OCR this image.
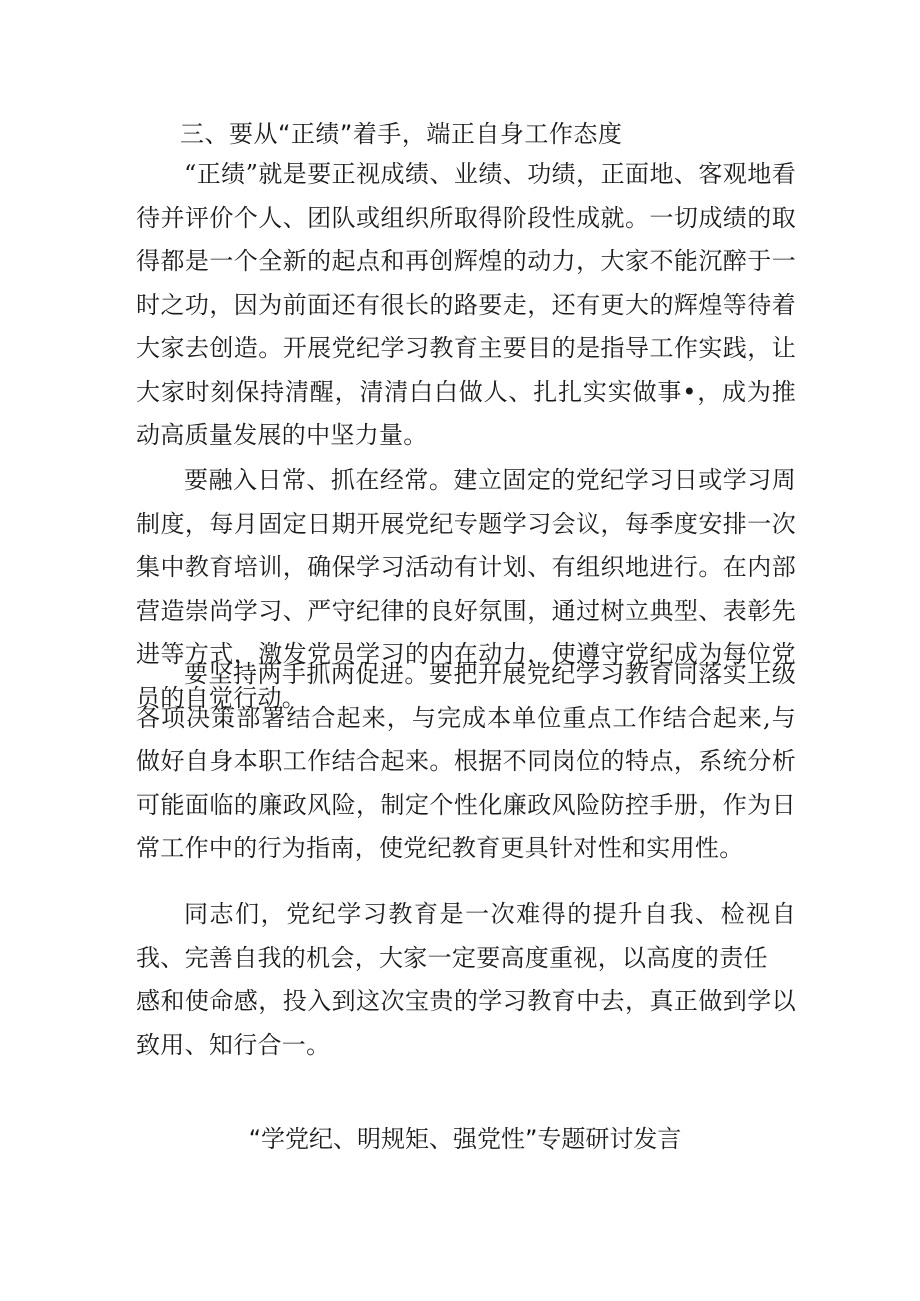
三、要从“正绩”着手，端正自身工作态度

“正绩”就是要正视成绩、业绩、功绩，正面地、客观地看待并评价个人、团队或组织所取得阶段性成就。一切成绩的取得都是一个全新的起点和再创辉煌的动力，大家不能沉醉于一时之功，因为前面还有很长的路要走，还有更大的辉煌等待着大家去创造。开展党纪学习教育主要目的是指导工作实践，让大家时刻保持清醒，清清白白做人、扎扎实实做事•，成为推动高质量发展的中坚力量。

要融入日常、抓在经常。建立固定的党纪学习日或学习周制度，每月固定日期开展党纪专题学习会议，每季度安排一次集中教育培训，确保学习活动有计划、有组织地进行。在内部营造崇尚学习、严守纪律的良好氛围，通过树立典型、表彰先进等方式，激发党员学习的内在动力，使遵守党纪成为每位党员的自觉行动。

要坚持两手抓两促进。要把开展党纪学习教育同落实上级各项决策部署结合起来，与完成本单位重点工作结合起来,与做好自身本职工作结合起来。根据不同岗位的特点，系统分析可能面临的廉政风险，制定个性化廉政风险防控手册，作为日常工作中的行为指南，使党纪教育更具针对性和实用性。

同志们，党纪学习教育是一次难得的提升自我、检视自我、完善自我的机会，大家一定要高度重视，以高度的责任
感和使命感，投入到这次宝贵的学习教育中去，真正做到学以致用、知行合一。

“学党纪、明规矩、强党性”专题研讨发言
